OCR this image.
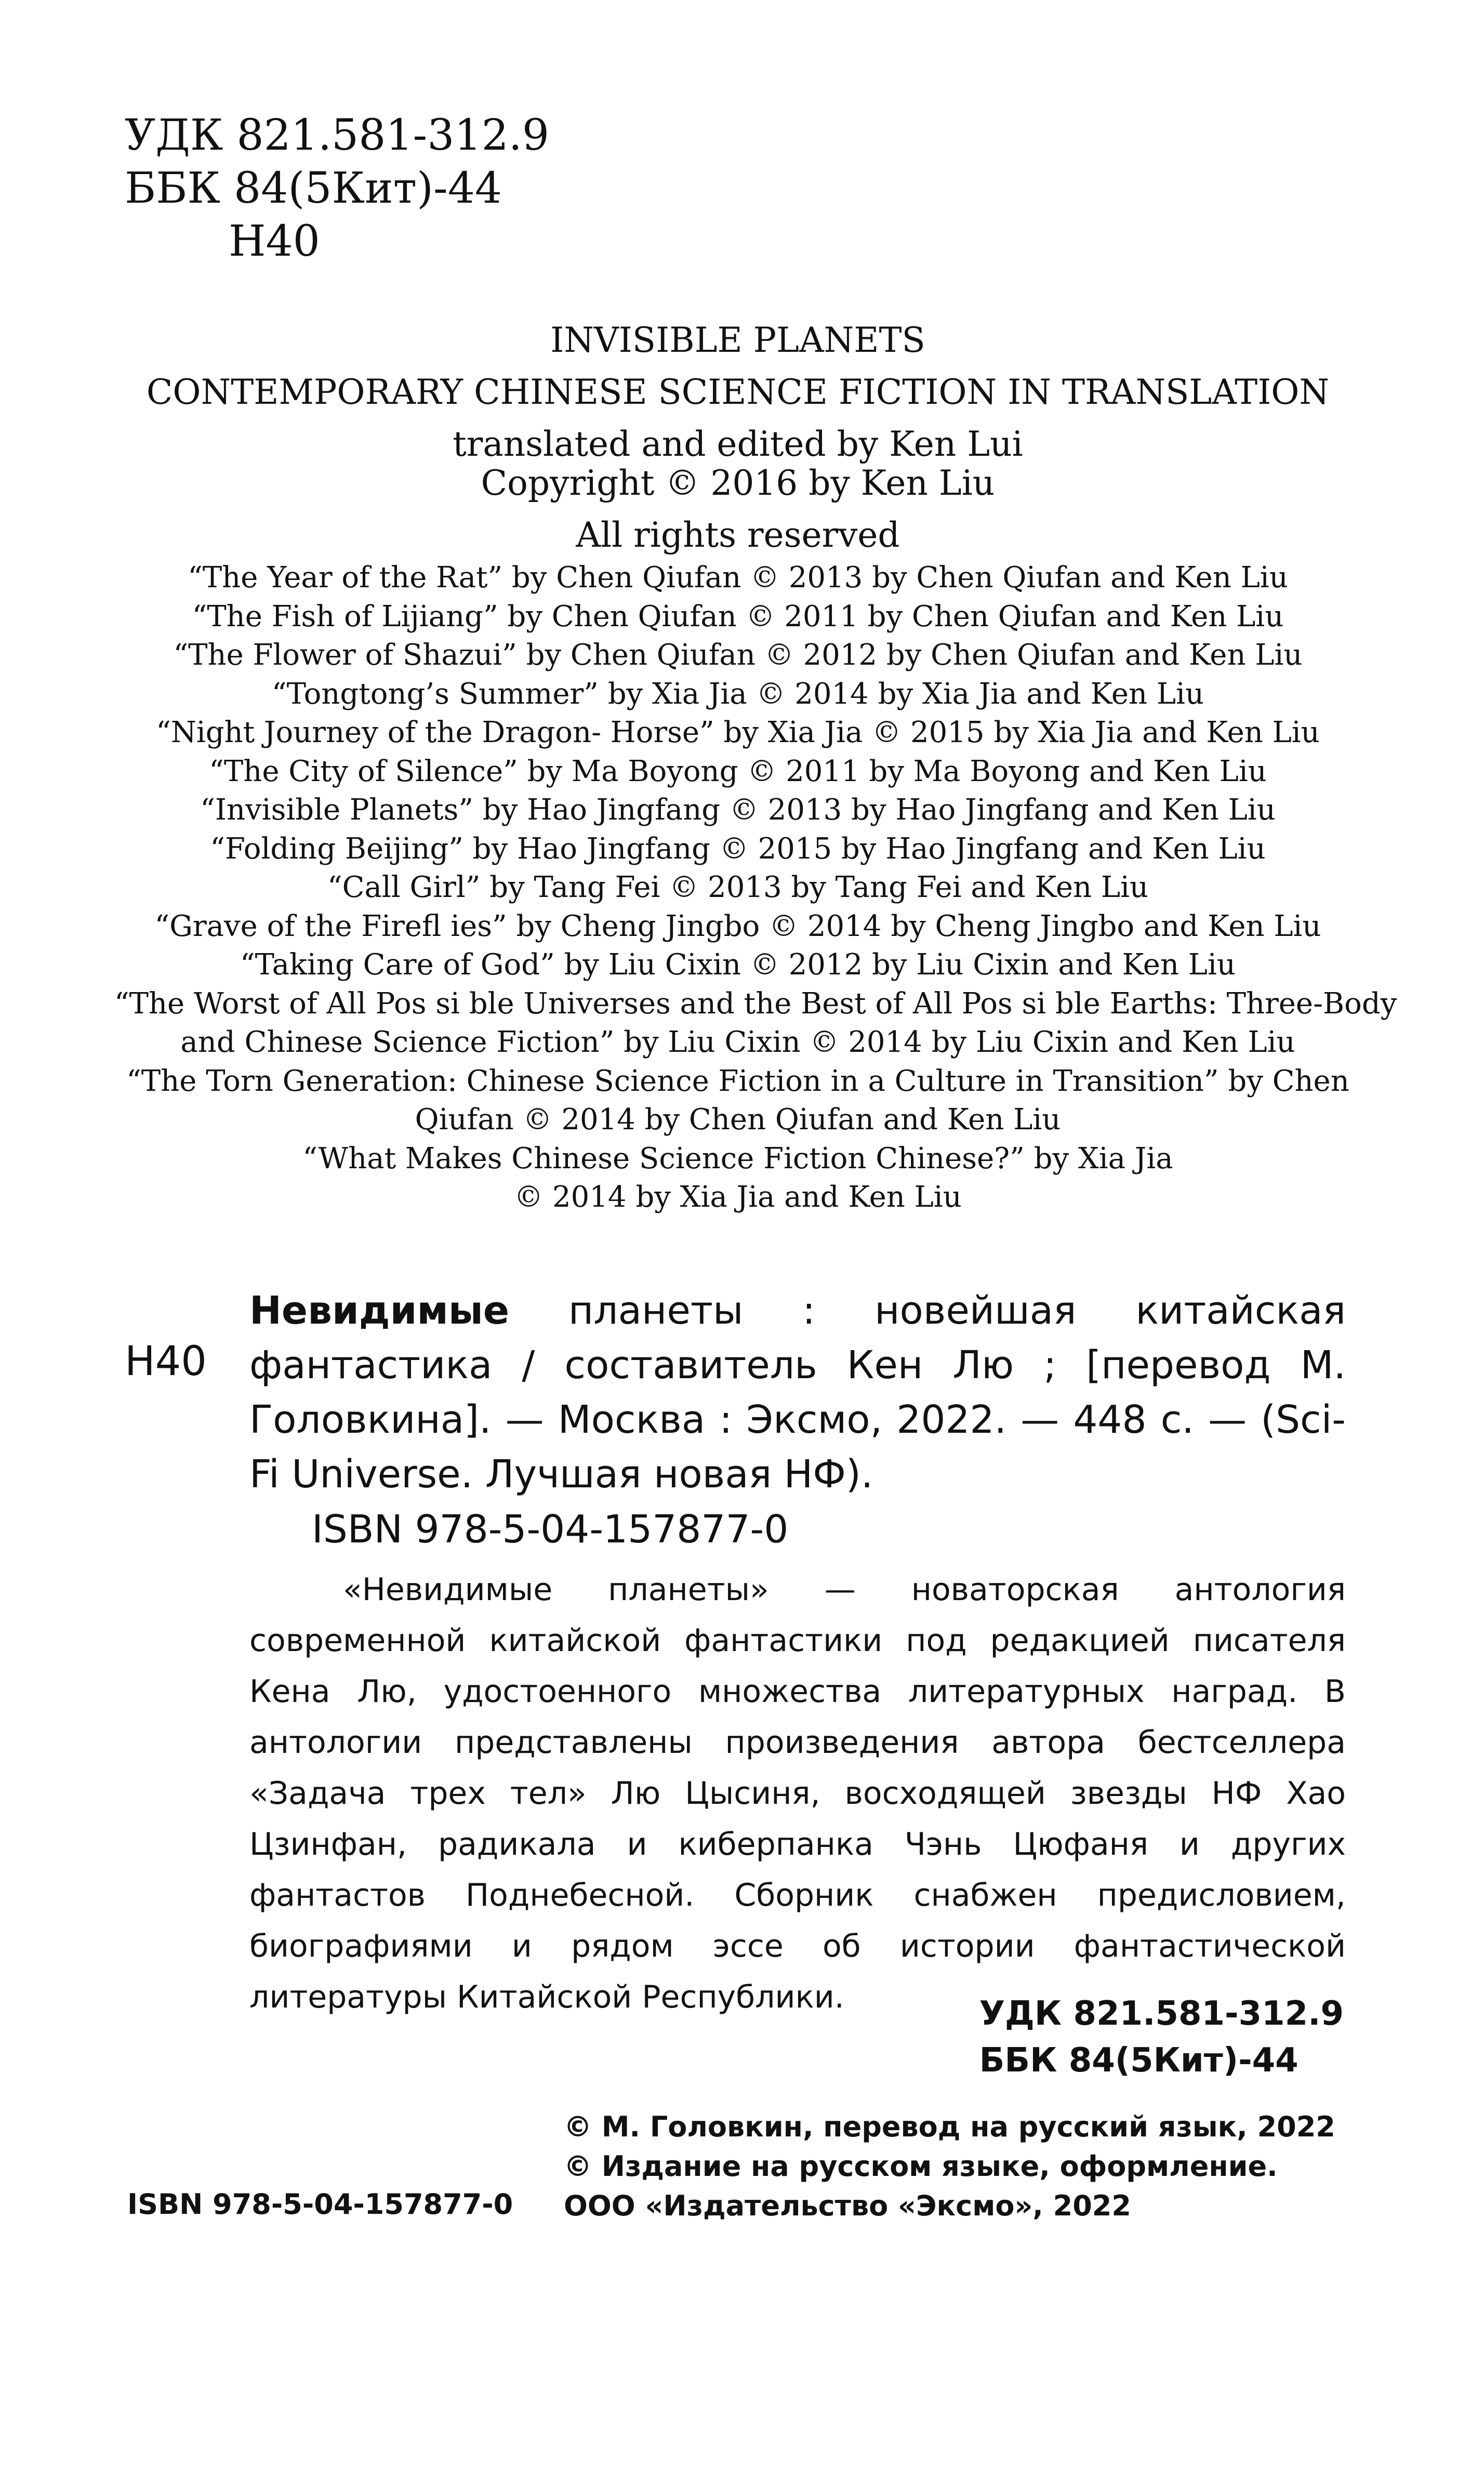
УДК 821.581-312.9
ББК 84(5Кит)-44
Н40
INVISIBLE PLANETS
CONTEMPORARY CHINESE SCIENCE FICTION IN TRANSLATION
translated and edited by Ken Lui
Copyright © 2016 by Ken Liu
All rights reserved
“The Year of the Rat” by Chen Qiufan © 2013 by Chen Qiufan and Ken Liu
“The Fish of Lijiang” by Chen Qiufan © 2011 by Chen Qiufan and Ken Liu
“The Flower of Shazui” by Chen Qiufan © 2012 by Chen Qiufan and Ken Liu
“Tongtong’s Summer” by Xia Jia © 2014 by Xia Jia and Ken Liu
“Night Journey of the Dragon- Horse” by Xia Jia © 2015 by Xia Jia and Ken Liu
“The City of Silence” by Ma Boyong © 2011 by Ma Boyong and Ken Liu
“Invisible Planets” by Hao Jingfang © 2013 by Hao Jingfang and Ken Liu
“Folding Beijing” by Hao Jingfang © 2015 by Hao Jingfang and Ken Liu
“Call Girl” by Tang Fei © 2013 by Tang Fei and Ken Liu
“Grave of the Firefl ies” by Cheng Jingbo © 2014 by Cheng Jingbo and Ken Liu
“Taking Care of God” by Liu Cixin © 2012 by Liu Cixin and Ken Liu
“The Worst of All Pos si ble Universes and the Best of All Pos si ble Earths: Three-Body
and Chinese Science Fiction” by Liu Cixin © 2014 by Liu Cixin and Ken Liu
“The Torn Generation: Chinese Science Fiction in a Culture in Transition” by Chen
Qiufan © 2014 by Chen Qiufan and Ken Liu
“What Makes Chinese Science Fiction Chinese?” by Xia Jia
© 2014 by Xia Jia and Ken Liu
Н40
Невидимые планеты : новейшая китайская фантастика / составитель Кен Лю ; [перевод М. Головкина]. — Москва : Эксмо, 2022. — 448 с. — (Sci-Fi Universe. Лучшая новая НФ).
ISBN 978-5-04-157877-0
«Невидимые планеты» — новаторская антология современной китайской фантастики под редакцией писателя Кена Лю, удостоенного множества литературных наград. В антологии представлены произведения автора бестселлера «Задача трех тел» Лю Цысиня, восходящей звезды НФ Хао Цзинфан, радикала и киберпанка Чэнь Цюфаня и других фантастов Поднебесной. Сборник снабжен предисловием, биографиями и рядом эссе об истории фантастической литературы Китайской Республики.	УДК 821.581-312.9
ББК 84(5Кит)-44
© М. Головкин, перевод на русский язык, 2022
© Издание на русском языке, оформление.
ООО «Издательство «Эксмо», 2022
ISBN 978-5-04-157877-0
